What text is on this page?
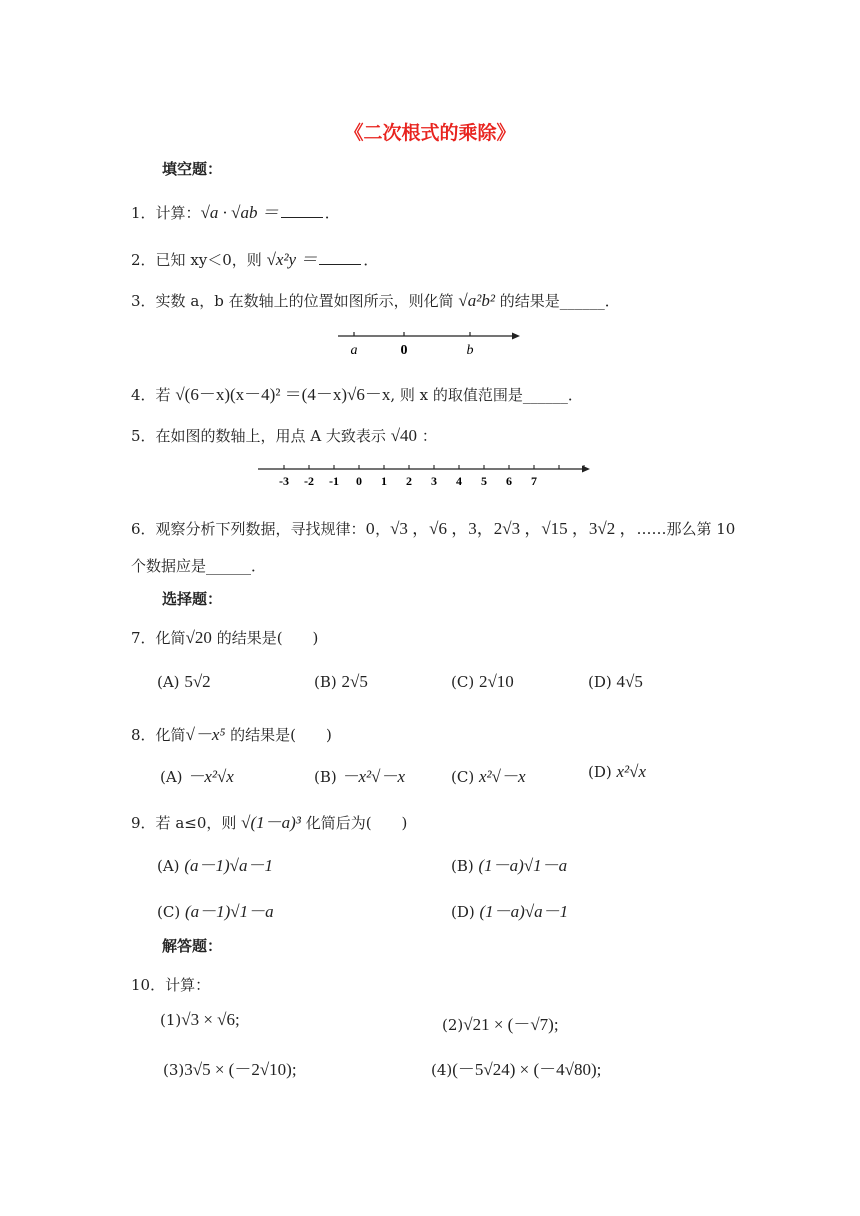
《二次根式的乘除》
填空题：
1．计算：√a · √ab ＝	．
2．已知 xy＜0，则 √x²y ＝	．
3．实数 a，b 在数轴上的位置如图所示，则化简 √a²b² 的结果是______．
a	0	b
4．若 √(6－x)(x－4)² ＝(4－x)√6－x, 则 x 的取值范围是______．
5．在如图的数轴上，用点 A 大致表示 √40 ：
-3 -2 -1 0 1 2 3 4 5 6 7
6．观察分析下列数据，寻找规律：0，√3 ，√6 ，3，2√3 ，√15 ，3√2 ，……那么第 10
个数据应是______．
选择题：
7．化简√20 的结果是(　　)
(A) 5√2	(B) 2√5	(C) 2√10	(D) 4√5
8．化简√－x⁵ 的结果是(　　)
(A) －x²√x	(B) －x²√－x	(C) x²√－x	(D) x²√x
9．若 a≤0，则 √(1－a)³ 化简后为(　　)
(A) (a－1)√a－1	(B) (1－a)√1－a
(C) (a－1)√1－a	(D) (1－a)√a－1
解答题：
10．计算：
(1)√3 × √6;	(2)√21 × (－√7);
(3)3√5 × (－2√10);	(4)(－5√24) × (－4√80);
